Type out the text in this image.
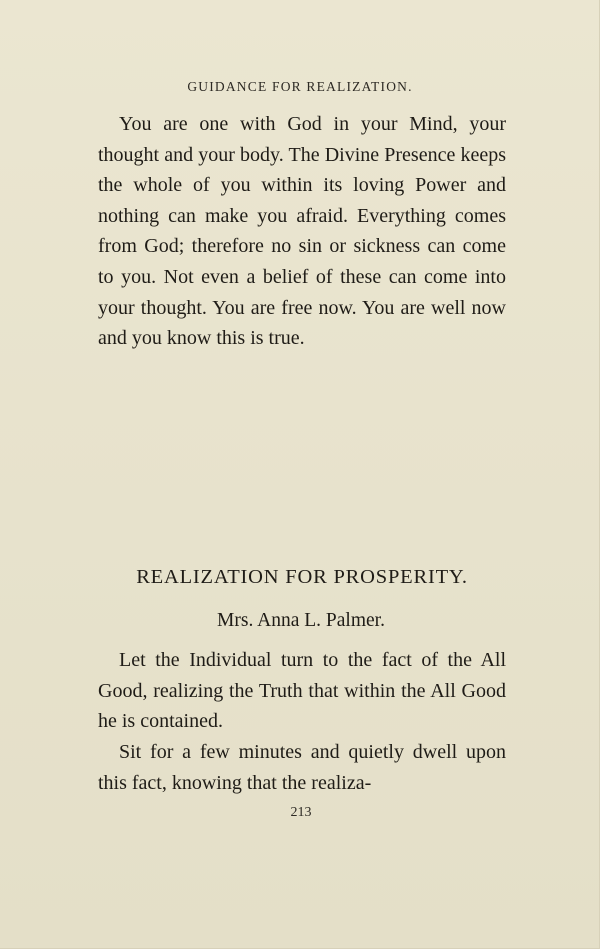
GUIDANCE FOR REALIZATION.

You are one with God in your Mind, your thought and your body. The Divine Presence keeps the whole of you within its loving Power and nothing can make you afraid. Everything comes from God; therefore no sin or sickness can come to you. Not even a belief of these can come into your thought. You are free now. You are well now and you know this is true.

REALIZATION FOR PROSPERITY.
Mrs. Anna L. Palmer.

Let the Individual turn to the fact of the All Good, realizing the Truth that within the All Good he is contained.

Sit for a few minutes and quietly dwell upon this fact, knowing that the realiza-

213
